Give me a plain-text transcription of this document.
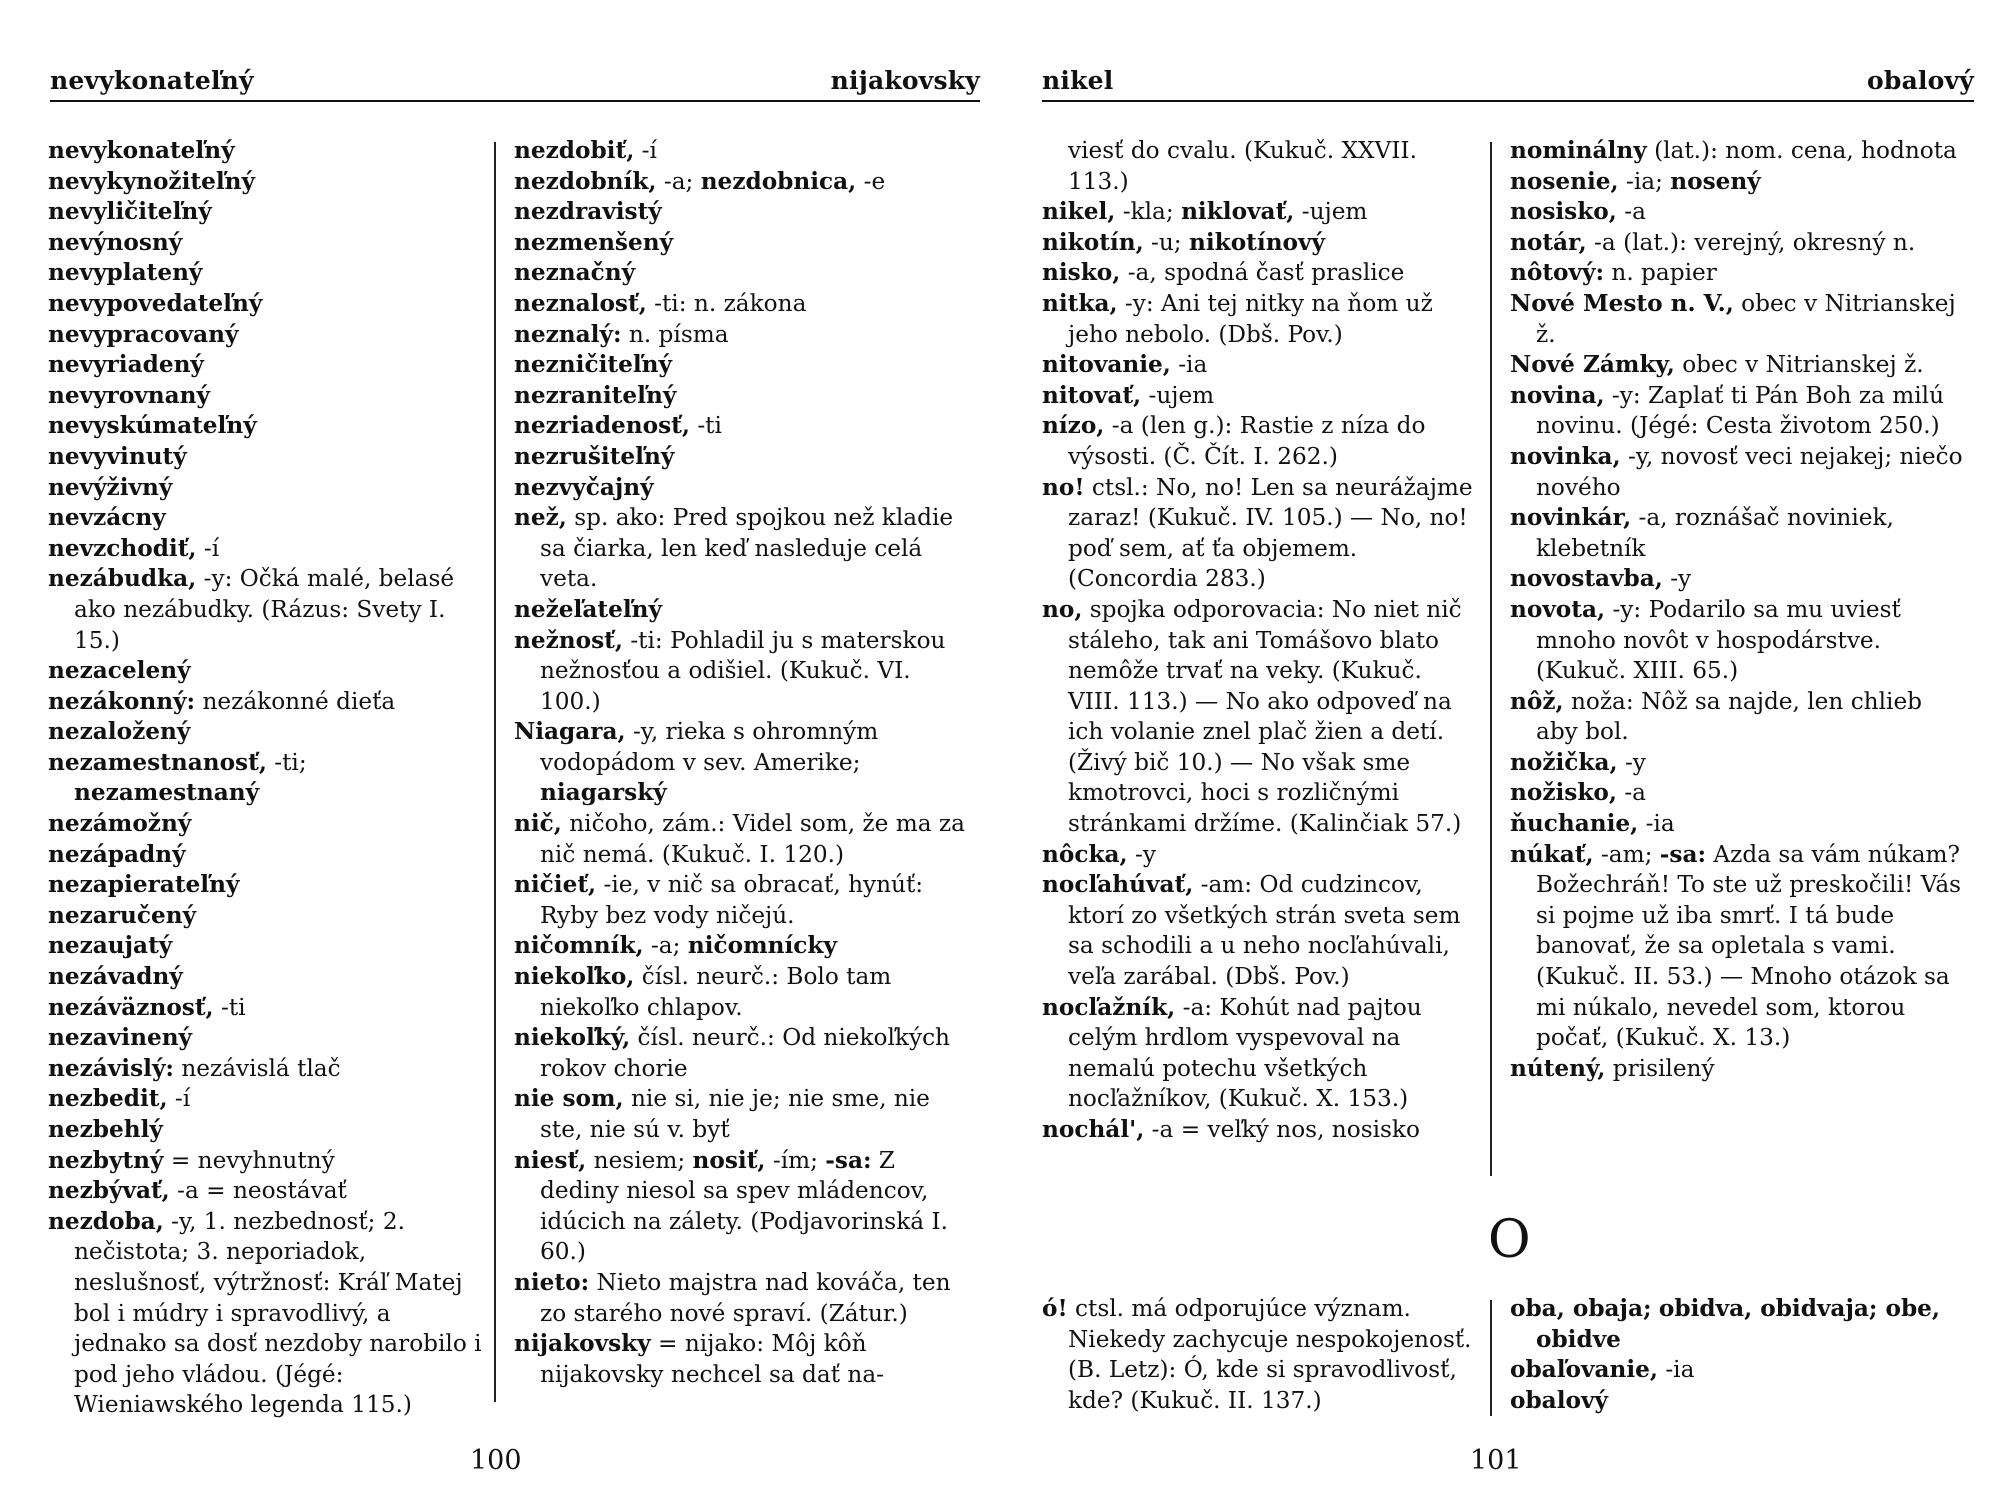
nevykonateľný	nijakovsky
nevykonateľný
nevykynožiteľný
nevyličiteľný
nevýnosný
nevyplatený
nevypovedateľný
nevypracovaný
nevyriadený
nevyrovnaný
nevyskúmateľný
nevyvinutý
nevýživný
nevzácny
nevzchodiť, -í
nezábudka, -y: Očká malé, belasé ako nezábudky. (Rázus: Svety I. 15.)
nezacelený
nezákonný: nezákonné dieťa
nezaložený
nezamestnanosť, -ti; nezamestnaný
nezámožný
nezápadný
nezapierateľný
nezaručený
nezaujatý
nezávadný
nezáväznosť, -ti
nezavinený
nezávislý: nezávislá tlač
nezbedit, -í
nezbehlý
nezbytný = nevyhnutný
nezbývať, -a = neostávať
nezdoba, -y, 1. nezbednosť; 2. nečistota; 3. neporiadok, neslušnosť, výtržnosť: Kráľ Matej bol i múdry i spravodlivý, a jednako sa dosť nezdoby narobilo i pod jeho vládou. (Jégé: Wieniawského legenda 115.)
nezdobiť, -í
nezdobník, -a; nezdobnica, -e
nezdravistý
nezmenšený
neznačný
neznalosť, -ti: n. zákona
neznalý: n. písma
nezničiteľný
nezraniteľný
nezriadenosť, -ti
nezrušiteľný
nezvyčajný
než, sp. ako: Pred spojkou než kladie sa čiarka, len keď nasleduje celá veta.
nežeľateľný
nežnosť, -ti: Pohladil ju s materskou nežnosťou a odišiel. (Kukuč. VI. 100.)
Niagara, -y, rieka s ohromným vodopádom v sev. Amerike; niagarský
nič, ničoho, zám.: Videl som, že ma za nič nemá. (Kukuč. I. 120.)
ničieť, -ie, v nič sa obracať, hynúť: Ryby bez vody ničejú.
ničomník, -a; ničomnícky
niekoľko, čísl. neurč.: Bolo tam niekoľko chlapov.
niekoľký, čísl. neurč.: Od niekoľkých rokov chorie
nie som, nie si, nie je; nie sme, nie ste, nie sú v. byť
niesť, nesiem; nosiť, -ím; -sa: Z dediny niesol sa spev mládencov, idúcich na zálety. (Podjavorinská I. 60.)
nieto: Nieto majstra nad kováča, ten zo starého nové spraví. (Zátur.)
nijakovsky = nijako: Môj kôň nijakovsky nechcel sa dať na-
100
nikel	obalový
viesť do cvalu. (Kukuč. XXVII. 113.)
nikel, -kla; niklovať, -ujem
nikotín, -u; nikotínový
nisko, -a, spodná časť praslice
nitka, -y: Ani tej nitky na ňom už jeho nebolo. (Dbš. Pov.)
nitovanie, -ia
nitovať, -ujem
nízo, -a (len g.): Rastie z níza do výsosti. (Č. Čít. I. 262.)
no! ctsl.: No, no! Len sa neurážajme zaraz! (Kukuč. IV. 105.) — No, no! poď sem, ať ťa objemem. (Concordia 283.)
no, spojka odporovacia: No niet nič stáleho, tak ani Tomášovo blato nemôže trvať na veky. (Kukuč. VIII. 113.) — No ako odpoveď na ich volanie znel plač žien a detí. (Živý bič 10.) — No však sme kmotrovci, hoci s rozličnými stránkami držíme. (Kalinčiak 57.)
nôcka, -y
nocľahúvať, -am: Od cudzincov, ktorí zo všetkých strán sveta sem sa schodili a u neho nocľahúvali, veľa zarábal. (Dbš. Pov.)
nocľažník, -a: Kohút nad pajtou celým hrdlom vyspevoval na nemalú potechu všetkých nocľažníkov, (Kukuč. X. 153.)
nochál', -a = veľký nos, nosisko
nominálny (lat.): nom. cena, hodnota
nosenie, -ia; nosený
nosisko, -a
notár, -a (lat.): verejný, okresný n.
nôtový: n. papier
Nové Mesto n. V., obec v Nitrianskej ž.
Nové Zámky, obec v Nitrianskej ž.
novina, -y: Zaplať ti Pán Boh za milú novinu. (Jégé: Cesta životom 250.)
novinka, -y, novosť veci nejakej; niečo nového
novinkár, -a, roznášač noviniek, klebetník
novostavba, -y
novota, -y: Podarilo sa mu uviesť mnoho novôt v hospodárstve. (Kukuč. XIII. 65.)
nôž, noža: Nôž sa najde, len chlieb aby bol.
nožička, -y
nožisko, -a
ňuchanie, -ia
núkať, -am; -sa: Azda sa vám núkam? Božechráň! To ste už preskočili! Vás si pojme už iba smrť. I tá bude banovať, že sa opletala s vami. (Kukuč. II. 53.) — Mnoho otázok sa mi núkalo, nevedel som, ktorou počať, (Kukuč. X. 13.)
nútený, prisilený
O
ó! ctsl. má odporujúce význam. Niekedy zachycuje nespokojenosť. (B. Letz): Ó, kde si spravodlivosť, kde? (Kukuč. II. 137.)
oba, obaja; obidva, obidvaja; obe, obidve
obaľovanie, -ia
obalový
101
